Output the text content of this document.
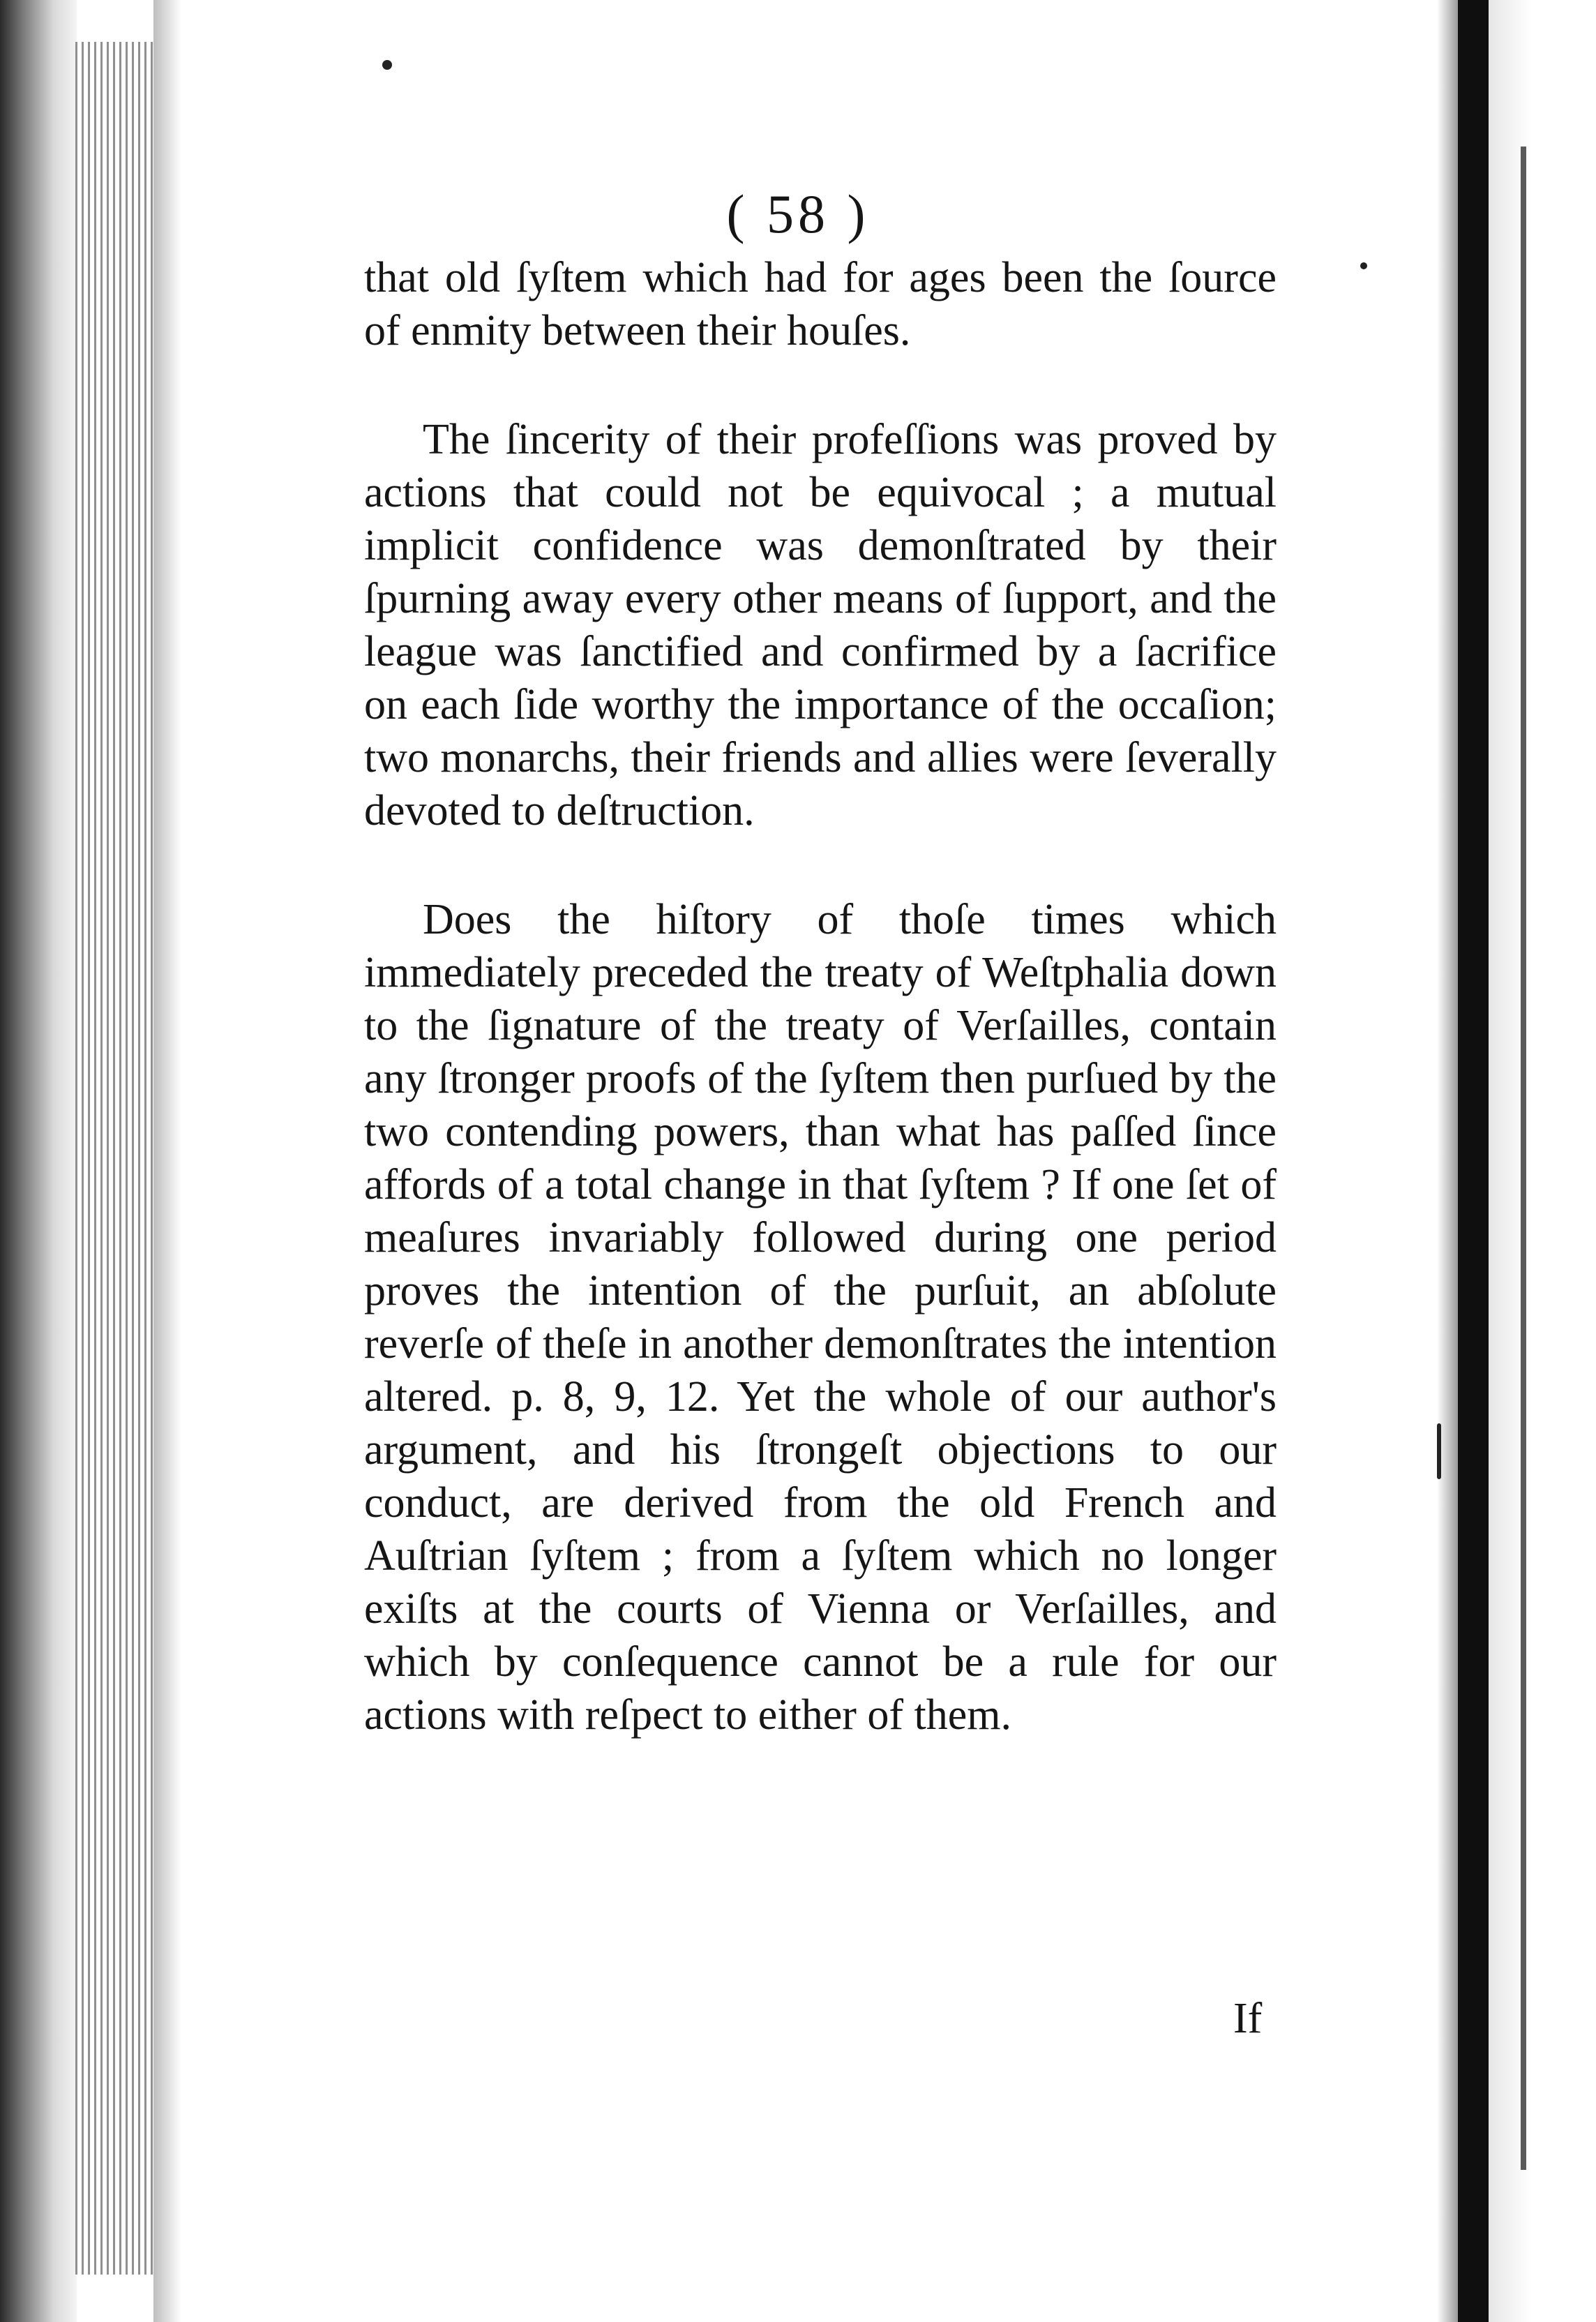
( 58 )

that old ſyſtem which had for ages been the ſource of enmity between their houſes.

The ſincerity of their profeſſions was proved by actions that could not be equivocal ; a mutual implicit confidence was demonſtrated by their ſpurning away every other means of ſupport, and the league was ſanctified and confirmed by a ſacrifice on each ſide worthy the importance of the occaſion; two monarchs, their friends and allies were ſeverally devoted to deſtruction.

Does the hiſtory of thoſe times which immediately preceded the treaty of Weſtphalia down to the ſignature of the treaty of Verſailles, contain any ſtronger proofs of the ſyſtem then purſued by the two contending powers, than what has paſſed ſince affords of a total change in that ſyſtem ? If one ſet of meaſures invariably followed during one period proves the intention of the purſuit, an abſolute reverſe of theſe in another demonſtrates the intention altered. p. 8, 9, 12. Yet the whole of our author's argument, and his ſtrongeſt objections to our conduct, are derived from the old French and Auſtrian ſyſtem ; from a ſyſtem which no longer exiſts at the courts of Vienna or Verſailles, and which by conſequence cannot be a rule for our actions with reſpect to either of them.

If
